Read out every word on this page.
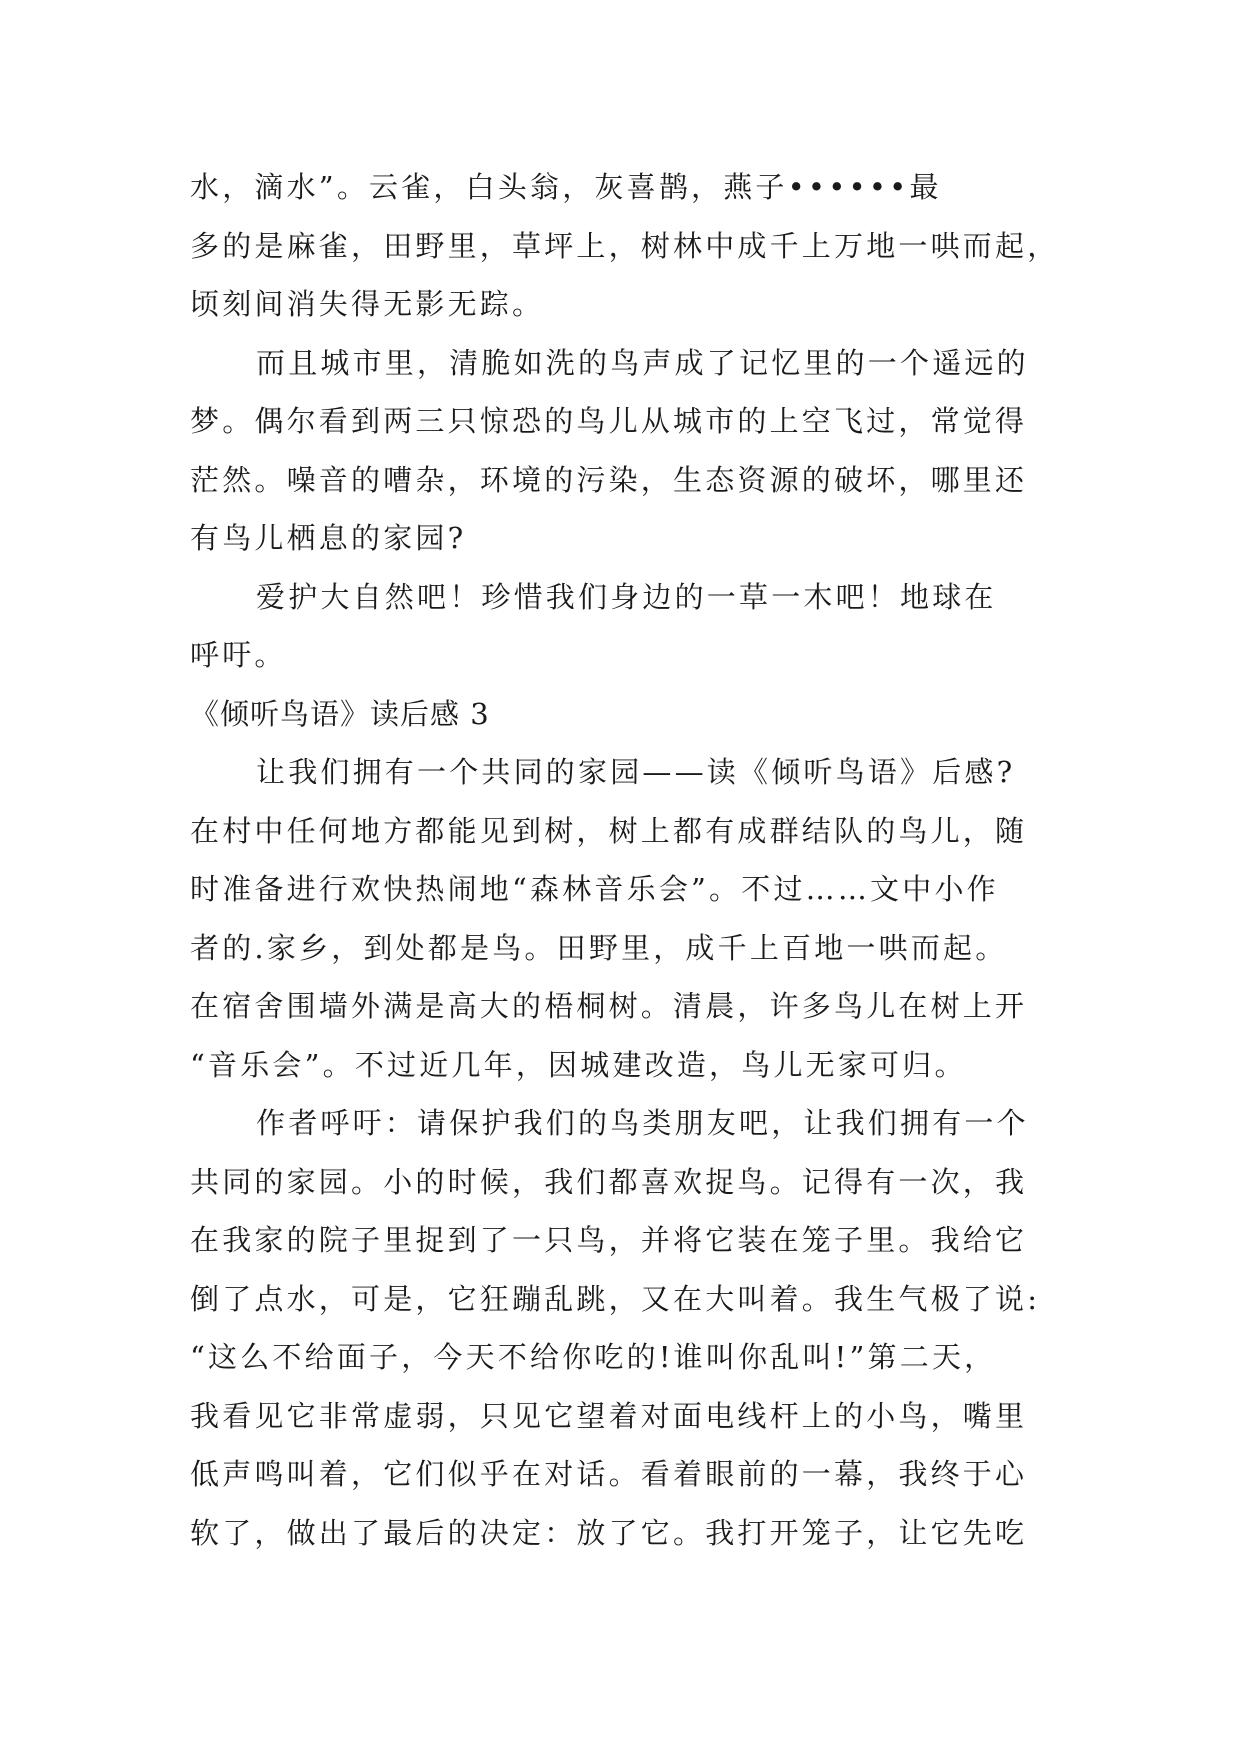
水，滴水”。云雀，白头翁，灰喜鹊，燕子••••••最
多的是麻雀，田野里，草坪上，树林中成千上万地一哄而起，
顷刻间消失得无影无踪。
而且城市里，清脆如洗的鸟声成了记忆里的一个遥远的
梦。偶尔看到两三只惊恐的鸟儿从城市的上空飞过，常觉得
茫然。噪音的嘈杂，环境的污染，生态资源的破坏，哪里还
有鸟儿栖息的家园?
爱护大自然吧！珍惜我们身边的一草一木吧！地球在
呼吁。
《倾听鸟语》读后感 3
让我们拥有一个共同的家园——读《倾听鸟语》后感?
在村中任何地方都能见到树，树上都有成群结队的鸟儿，随
时准备进行欢快热闹地“森林音乐会”。不过……文中小作
者的.家乡，到处都是鸟。田野里，成千上百地一哄而起。
在宿舍围墙外满是高大的梧桐树。清晨，许多鸟儿在树上开
“音乐会”。不过近几年，因城建改造，鸟儿无家可归。
作者呼吁：请保护我们的鸟类朋友吧，让我们拥有一个
共同的家园。小的时候，我们都喜欢捉鸟。记得有一次，我
在我家的院子里捉到了一只鸟，并将它装在笼子里。我给它
倒了点水，可是，它狂蹦乱跳，又在大叫着。我生气极了说:
“这么不给面子，今天不给你吃的!谁叫你乱叫!”第二天，
我看见它非常虚弱，只见它望着对面电线杆上的小鸟，嘴里
低声鸣叫着，它们似乎在对话。看着眼前的一幕，我终于心
软了，做出了最后的决定：放了它。我打开笼子，让它先吃
